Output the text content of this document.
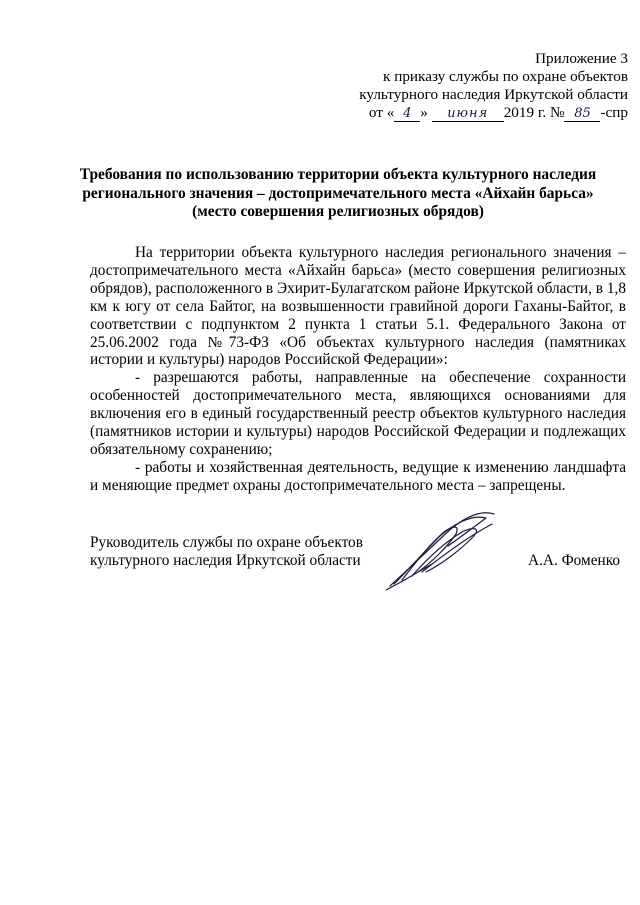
Приложение 3
к приказу службы по охране объектов
культурного наследия Иркутской области
от « 4 » июня 2019 г. № 85 -спр
Требования по использованию территории объекта культурного наследия
регионального значения – достопримечательного места «Айхайн барьса»
(место совершения религиозных обрядов)

На территории объекта культурного наследия регионального значения – достопримечательного места «Айхайн барьса» (место совершения религиозных обрядов), расположенного в Эхирит-Булагатском районе Иркутской области, в 1,8 км к югу от села Байтог, на возвышенности гравийной дороги Гаханы-Байтог, в соответствии с подпунктом 2 пункта 1 статьи 5.1. Федерального Закона от 25.06.2002 года №73-ФЗ «Об объектах культурного наследия (памятниках истории и культуры) народов Российской Федерации»:

- разрешаются работы, направленные на обеспечение сохранности особенностей достопримечательного места, являющихся основаниями для включения его в единый государственный реестр объектов культурного наследия (памятников истории и культуры) народов Российской Федерации и подлежащих обязательному сохранению;

- работы и хозяйственная деятельность, ведущие к изменению ландшафта и меняющие предмет охраны достопримечательного места – запрещены.

Руководитель службы по охране объектов
культурного наследия Иркутской области	А.А. Фоменко
